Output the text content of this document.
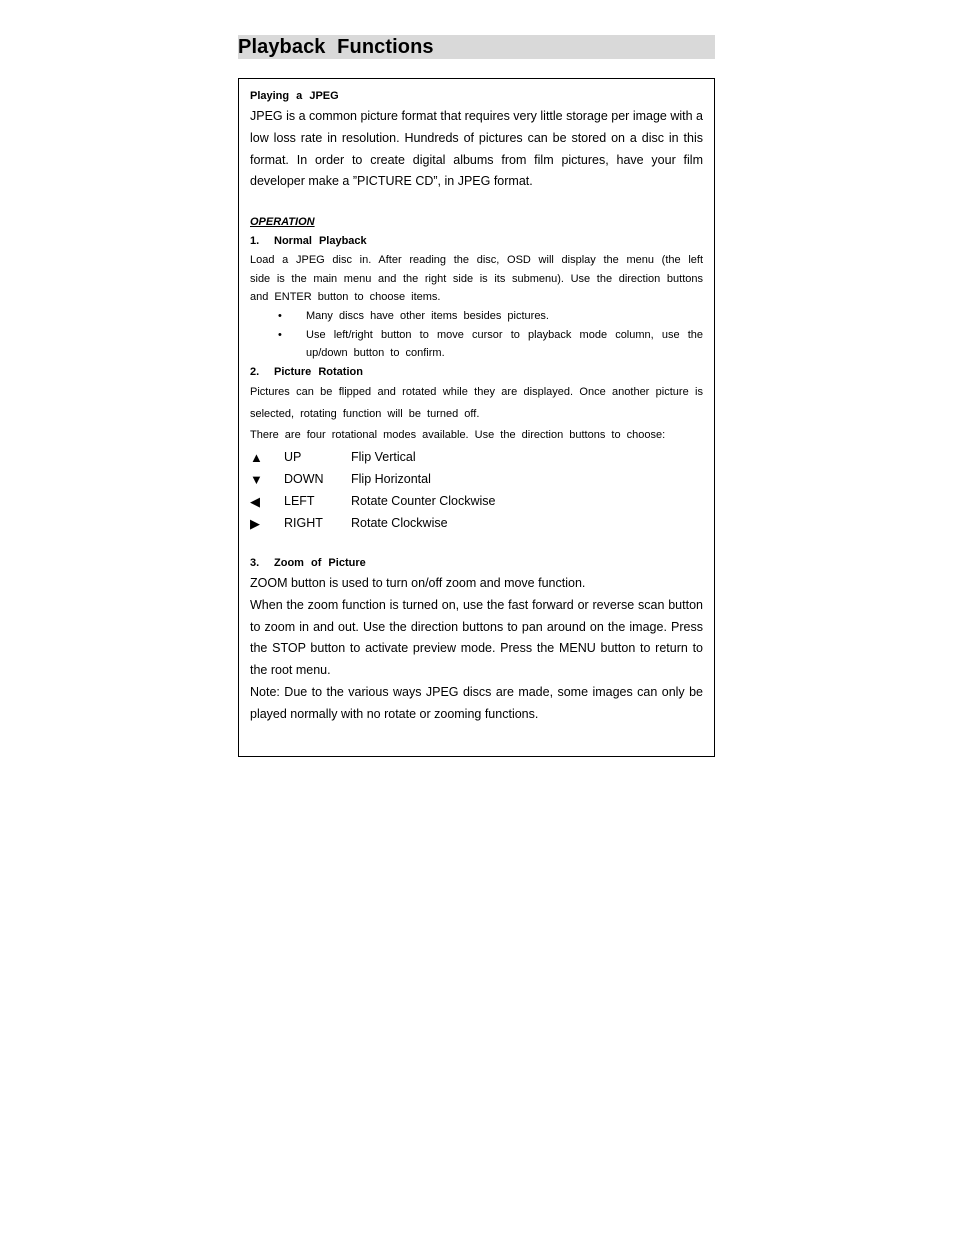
Playback Functions
Playing a JPEG

JPEG is a common picture format that requires very little storage per image with a low loss rate in resolution. Hundreds of pictures can be stored on a disc in this format. In order to create digital albums from film pictures, have your film developer make a ”PICTURE CD”, in JPEG format.

OPERATION
1. Normal Playback

Load a JPEG disc in. After reading the disc, OSD will display the menu (the left side is the main menu and the right side is its submenu). Use the direction buttons and ENTER button to choose items.

• Many discs have other items besides pictures.
• Use left/right button to move cursor to playback mode column, use the up/down button to confirm.
2. Picture Rotation

Pictures can be flipped and rotated while they are displayed. Once another picture is selected, rotating function will be turned off.

There are four rotational modes available. Use the direction buttons to choose:

▲ UP	Flip Vertical
▼ DOWN Flip Horizontal
◀ LEFT	Rotate Counter Clockwise
▶ RIGHT Rotate Clockwise
3. Zoom of Picture

ZOOM button is used to turn on/off zoom and move function.

When the zoom function is turned on, use the fast forward or reverse scan button to zoom in and out. Use the direction buttons to pan around on the image. Press the STOP button to activate preview mode. Press the MENU button to return to the root menu.

Note: Due to the various ways JPEG discs are made, some images can only be played normally with no rotate or zooming functions.
